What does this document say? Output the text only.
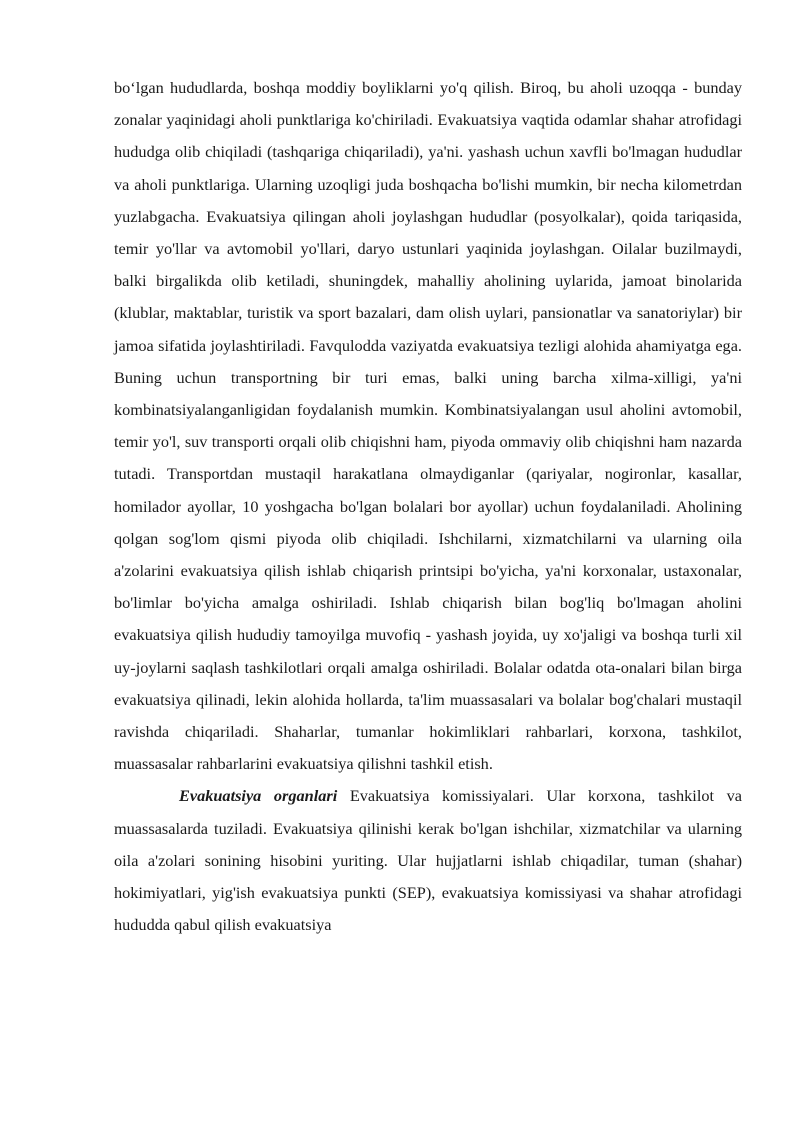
bo‘lgan hududlarda, boshqa moddiy boyliklarni yo'q qilish. Biroq, bu aholi uzoqqa - bunday zonalar yaqinidagi aholi punktlariga ko'chiriladi. Evakuatsiya vaqtida odamlar shahar atrofidagi hududga olib chiqiladi (tashqariga chiqariladi), ya'ni. yashash uchun xavfli bo'lmagan hududlar va aholi punktlariga. Ularning uzoqligi juda boshqacha bo'lishi mumkin, bir necha kilometrdan yuzlabgacha. Evakuatsiya qilingan aholi joylashgan hududlar (posyolkalar), qoida tariqasida, temir yo'llar va avtomobil yo'llari, daryo ustunlari yaqinida joylashgan. Oilalar buzilmaydi, balki birgalikda olib ketiladi, shuningdek, mahalliy aholining uylarida, jamoat binolarida (klublar, maktablar, turistik va sport bazalari, dam olish uylari, pansionatlar va sanatoriylar) bir jamoa sifatida joylashtiriladi. Favqulodda vaziyatda evakuatsiya tezligi alohida ahamiyatga ega. Buning uchun transportning bir turi emas, balki uning barcha xilma-xilligi, ya'ni kombinatsiyalanganligidan foydalanish mumkin. Kombinatsiyalangan usul aholini avtomobil, temir yo'l, suv transporti orqali olib chiqishni ham, piyoda ommaviy olib chiqishni ham nazarda tutadi. Transportdan mustaqil harakatlana olmaydiganlar (qariyalar, nogironlar, kasallar, homilador ayollar, 10 yoshgacha bo'lgan bolalari bor ayollar) uchun foydalaniladi. Aholining qolgan sog'lom qismi piyoda olib chiqiladi. Ishchilarni, xizmatchilarni va ularning oila a'zolarini evakuatsiya qilish ishlab chiqarish printsipi bo'yicha, ya'ni korxonalar, ustaxonalar, bo'limlar bo'yicha amalga oshiriladi. Ishlab chiqarish bilan bog'liq bo'lmagan aholini evakuatsiya qilish hududiy tamoyilga muvofiq - yashash joyida, uy xo'jaligi va boshqa turli xil uy-joylarni saqlash tashkilotlari orqali amalga oshiriladi. Bolalar odatda ota-onalari bilan birga evakuatsiya qilinadi, lekin alohida hollarda, ta'lim muassasalari va bolalar bog'chalari mustaqil ravishda chiqariladi. Shaharlar, tumanlar hokimliklari rahbarlari, korxona, tashkilot, muassasalar rahbarlarini evakuatsiya qilishni tashkil etish.

Evakuatsiya organlari Evakuatsiya komissiyalari. Ular korxona, tashkilot va muassasalarda tuziladi. Evakuatsiya qilinishi kerak bo'lgan ishchilar, xizmatchilar va ularning oila a'zolari sonining hisobini yuriting. Ular hujjatlarni ishlab chiqadilar, tuman (shahar) hokimiyatlari, yig'ish evakuatsiya punkti (SEP), evakuatsiya komissiyasi va shahar atrofidagi hududda qabul qilish evakuatsiya
